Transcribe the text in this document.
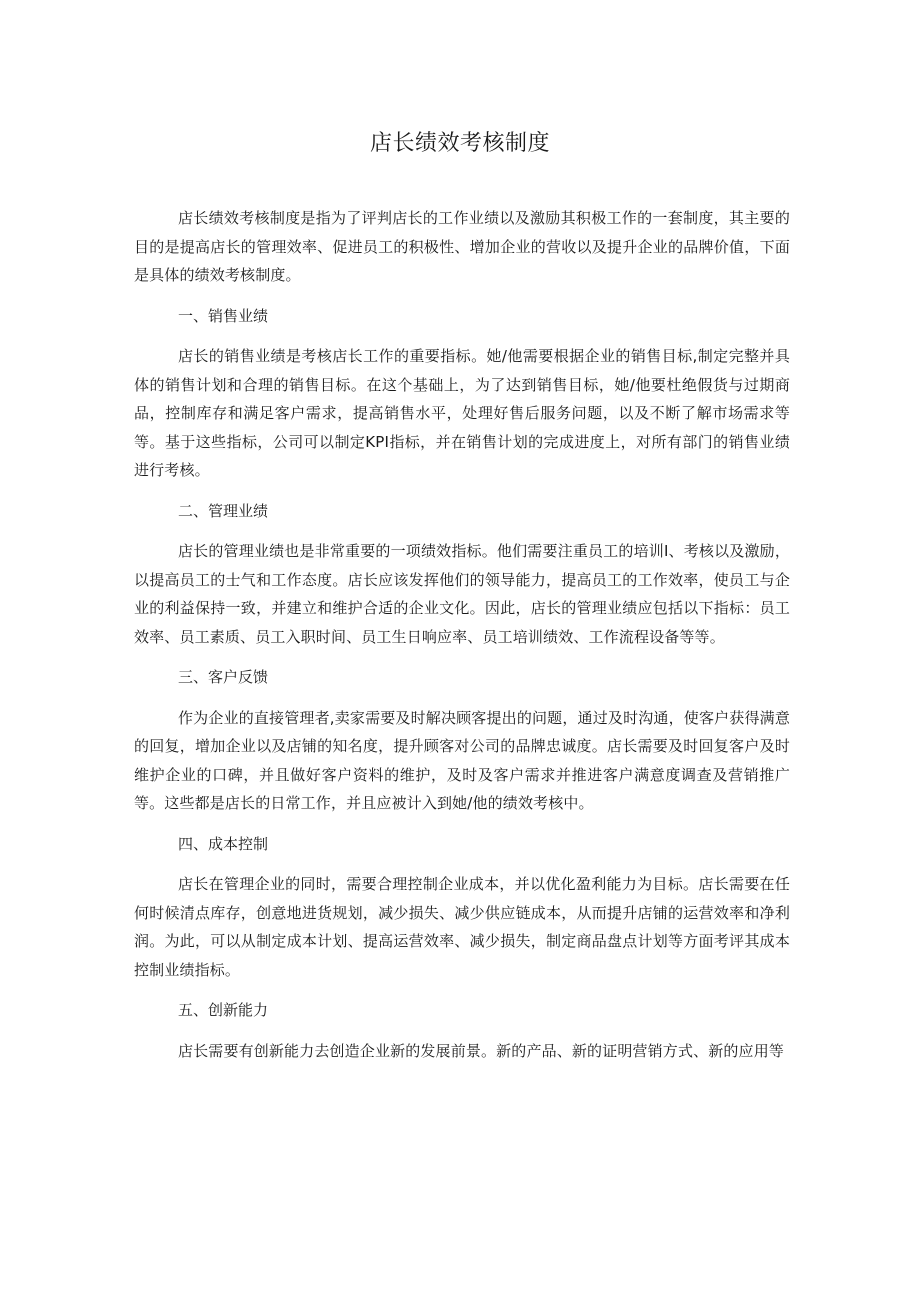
店长绩效考核制度

店长绩效考核制度是指为了评判店长的工作业绩以及激励其积极工作的一套制度，其主要的目的是提高店长的管理效率、促进员工的积极性、增加企业的营收以及提升企业的品牌价值，下面是具体的绩效考核制度。

一、销售业绩

店长的销售业绩是考核店长工作的重要指标。她/他需要根据企业的销售目标,制定完整并具体的销售计划和合理的销售目标。在这个基础上，为了达到销售目标，她/他要杜绝假货与过期商品，控制库存和满足客户需求，提高销售水平，处理好售后服务问题，以及不断了解市场需求等等。基于这些指标，公司可以制定KPI指标，并在销售计划的完成进度上，对所有部门的销售业绩进行考核。

二、管理业绩

店长的管理业绩也是非常重要的一项绩效指标。他们需要注重员工的培训I、考核以及激励，以提高员工的士气和工作态度。店长应该发挥他们的领导能力，提高员工的工作效率，使员工与企业的利益保持一致，并建立和维护合适的企业文化。因此，店长的管理业绩应包括以下指标：员工效率、员工素质、员工入职时间、员工生日响应率、员工培训绩效、工作流程设备等等。

三、客户反馈

作为企业的直接管理者,卖家需要及时解决顾客提出的问题，通过及时沟通，使客户获得满意的回复，增加企业以及店铺的知名度，提升顾客对公司的品牌忠诚度。店长需要及时回复客户及时维护企业的口碑，并且做好客户资料的维护，及时及客户需求并推进客户满意度调查及营销推广等。这些都是店长的日常工作，并且应被计入到她/他的绩效考核中。

四、成本控制

店长在管理企业的同时，需要合理控制企业成本，并以优化盈利能力为目标。店长需要在任何时候清点库存，创意地进货规划，减少损失、减少供应链成本，从而提升店铺的运营效率和净利润。为此，可以从制定成本计划、提高运营效率、减少损失，制定商品盘点计划等方面考评其成本控制业绩指标。

五、创新能力

店长需要有创新能力去创造企业新的发展前景。新的产品、新的证明营销方式、新的应用等
